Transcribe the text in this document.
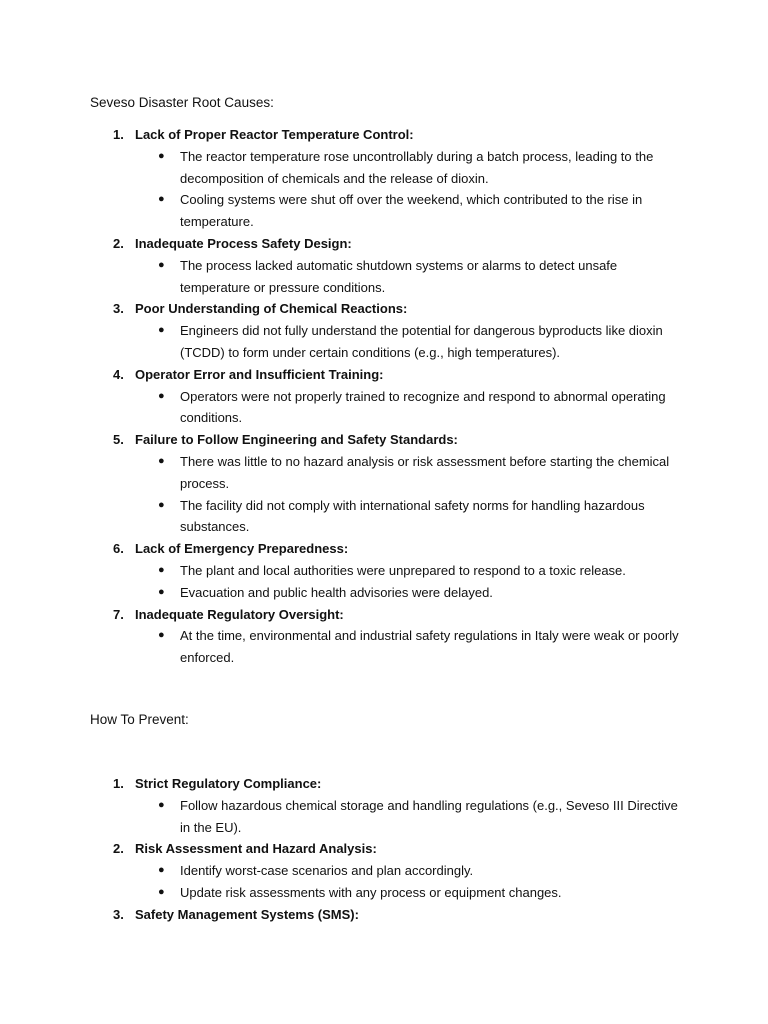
Seveso Disaster Root Causes:
1. Lack of Proper Reactor Temperature Control:
● The reactor temperature rose uncontrollably during a batch process, leading to the decomposition of chemicals and the release of dioxin.
● Cooling systems were shut off over the weekend, which contributed to the rise in temperature.
2. Inadequate Process Safety Design:
● The process lacked automatic shutdown systems or alarms to detect unsafe temperature or pressure conditions.
3. Poor Understanding of Chemical Reactions:
● Engineers did not fully understand the potential for dangerous byproducts like dioxin (TCDD) to form under certain conditions (e.g., high temperatures).
4. Operator Error and Insufficient Training:
● Operators were not properly trained to recognize and respond to abnormal operating conditions.
5. Failure to Follow Engineering and Safety Standards:
● There was little to no hazard analysis or risk assessment before starting the chemical process.
● The facility did not comply with international safety norms for handling hazardous substances.
6. Lack of Emergency Preparedness:
● The plant and local authorities were unprepared to respond to a toxic release.
● Evacuation and public health advisories were delayed.
7. Inadequate Regulatory Oversight:
● At the time, environmental and industrial safety regulations in Italy were weak or poorly enforced.
How To Prevent:
1. Strict Regulatory Compliance:
● Follow hazardous chemical storage and handling regulations (e.g., Seveso III Directive in the EU).
2. Risk Assessment and Hazard Analysis:
● Identify worst-case scenarios and plan accordingly.
● Update risk assessments with any process or equipment changes.
3. Safety Management Systems (SMS):
